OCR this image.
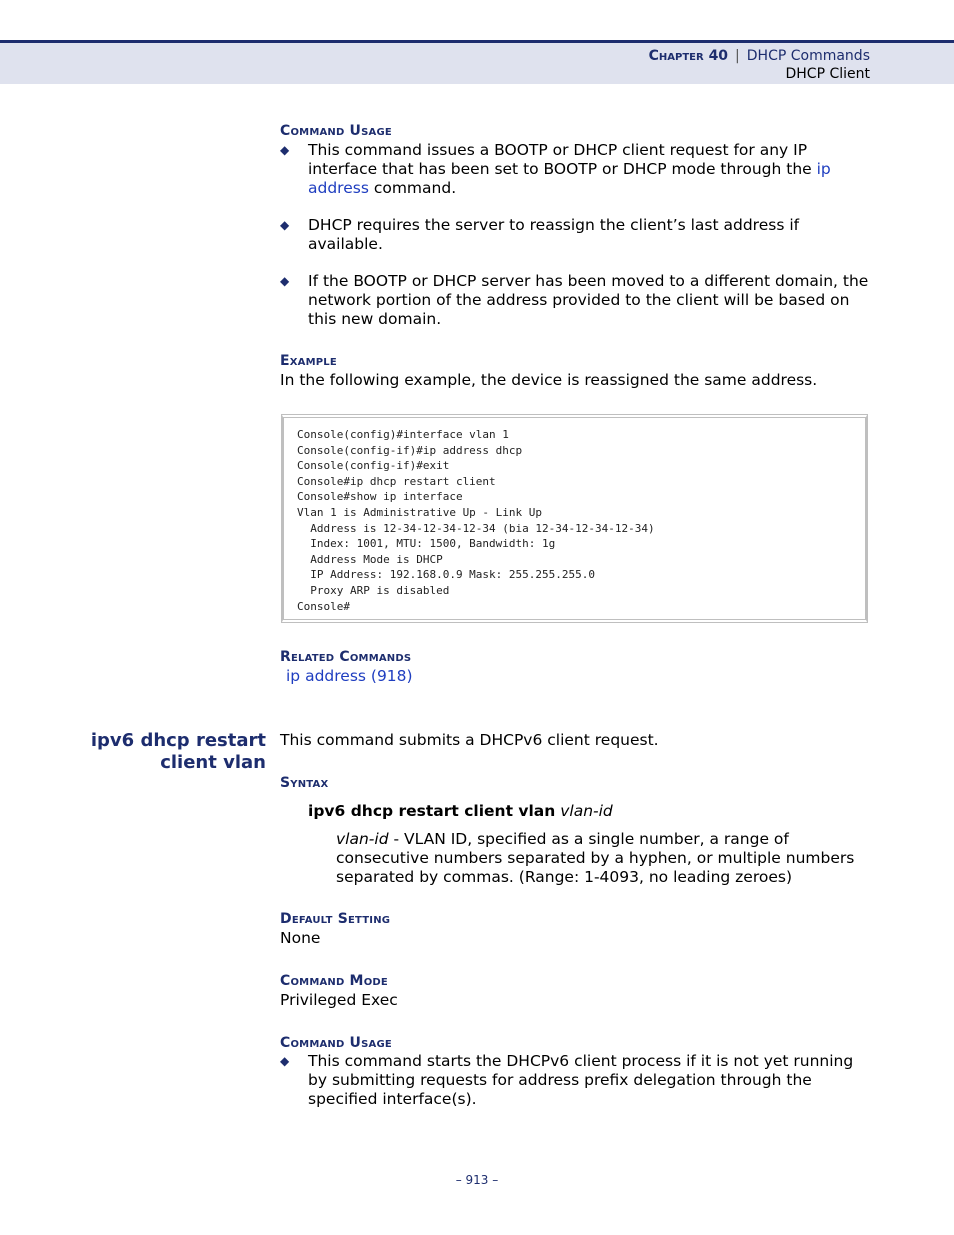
Chapter 40 | DHCP Commands
DHCP Client
Command Usage
◆ This command issues a BOOTP or DHCP client request for any IP interface that has been set to BOOTP or DHCP mode through the ip address command.
◆ DHCP requires the server to reassign the client’s last address if available.
◆ If the BOOTP or DHCP server has been moved to a different domain, the network portion of the address provided to the client will be based on this new domain.
Example
In the following example, the device is reassigned the same address.
Console(config)#interface vlan 1
Console(config-if)#ip address dhcp
Console(config-if)#exit
Console#ip dhcp restart client
Console#show ip interface
Vlan 1 is Administrative Up - Link Up
Address is 12-34-12-34-12-34 (bia 12-34-12-34-12-34)
Index: 1001, MTU: 1500, Bandwidth: 1g
Address Mode is DHCP
IP Address: 192.168.0.9 Mask: 255.255.255.0
Proxy ARP is disabled
Console#
Related Commands
ip address (918)
ipv6 dhcp restart
client vlan
This command submits a DHCPv6 client request.
Syntax
ipv6 dhcp restart client vlan vlan-id
vlan-id - VLAN ID, specified as a single number, a range of consecutive numbers separated by a hyphen, or multiple numbers separated by commas. (Range: 1-4093, no leading zeroes)
Default Setting
None
Command Mode
Privileged Exec
Command Usage
◆ This command starts the DHCPv6 client process if it is not yet running by submitting requests for address prefix delegation through the specified interface(s).
– 913 –
